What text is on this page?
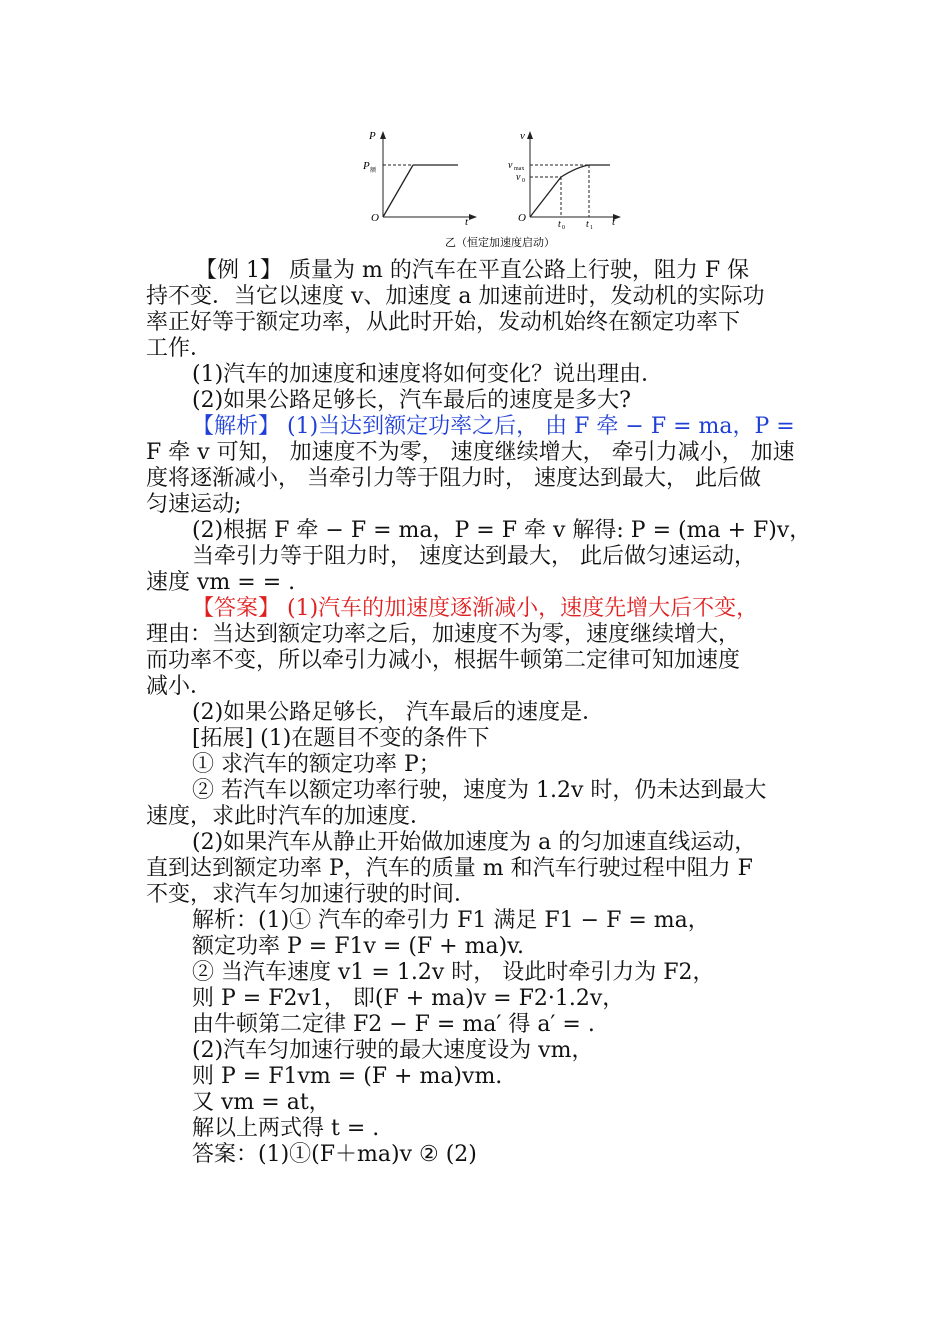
P
P 额
O	t
v
v max
v 0
O
t 0 t 1 t
乙（恒定加速度启动）
【例 1】 质量为 m 的汽车在平直公路上行驶，阻力 F 保
持不变．当它以速度 v、加速度 a 加速前进时，发动机的实际功
率正好等于额定功率，从此时开始，发动机始终在额定功率下
工作．
(1)汽车的加速度和速度将如何变化？说出理由．
(2)如果公路足够长，汽车最后的速度是多大?
【解析】 (1)当达到额定功率之后， 由 F 牵 − F = ma，P =
F 牵 v 可知， 加速度不为零， 速度继续增大， 牵引力减小， 加速
度将逐渐减小， 当牵引力等于阻力时， 速度达到最大， 此后做
匀速运动;
(2)根据 F 牵 − F = ma，P = F 牵 v 解得: P = (ma + F)v，
当牵引力等于阻力时， 速度达到最大， 此后做匀速运动，
速度 vm = = .
【答案】 (1)汽车的加速度逐渐减小，速度先增大后不变，
理由：当达到额定功率之后，加速度不为零，速度继续增大，
而功率不变，所以牵引力减小，根据牛顿第二定律可知加速度
减小．
(2)如果公路足够长， 汽车最后的速度是．
[拓展] (1)在题目不变的条件下
① 求汽车的额定功率 P；
② 若汽车以额定功率行驶，速度为 1.2v 时，仍未达到最大
速度，求此时汽车的加速度．
(2)如果汽车从静止开始做加速度为 a 的匀加速直线运动，
直到达到额定功率 P，汽车的质量 m 和汽车行驶过程中阻力 F
不变，求汽车匀加速行驶的时间．
解析：(1)① 汽车的牵引力 F1 满足 F1 − F = ma，
额定功率 P = F1v = (F + ma)v.
② 当汽车速度 v1 = 1.2v 时， 设此时牵引力为 F2，
则 P = F2v1， 即(F + ma)v = F2·1.2v，
由牛顿第二定律 F2 − F = ma′ 得 a′ = .
(2)汽车匀加速行驶的最大速度设为 vm，
则 P = F1vm = (F + ma)vm.
又 vm = at，
解以上两式得 t = .
答案：(1)①(F＋ma)v ② (2)
